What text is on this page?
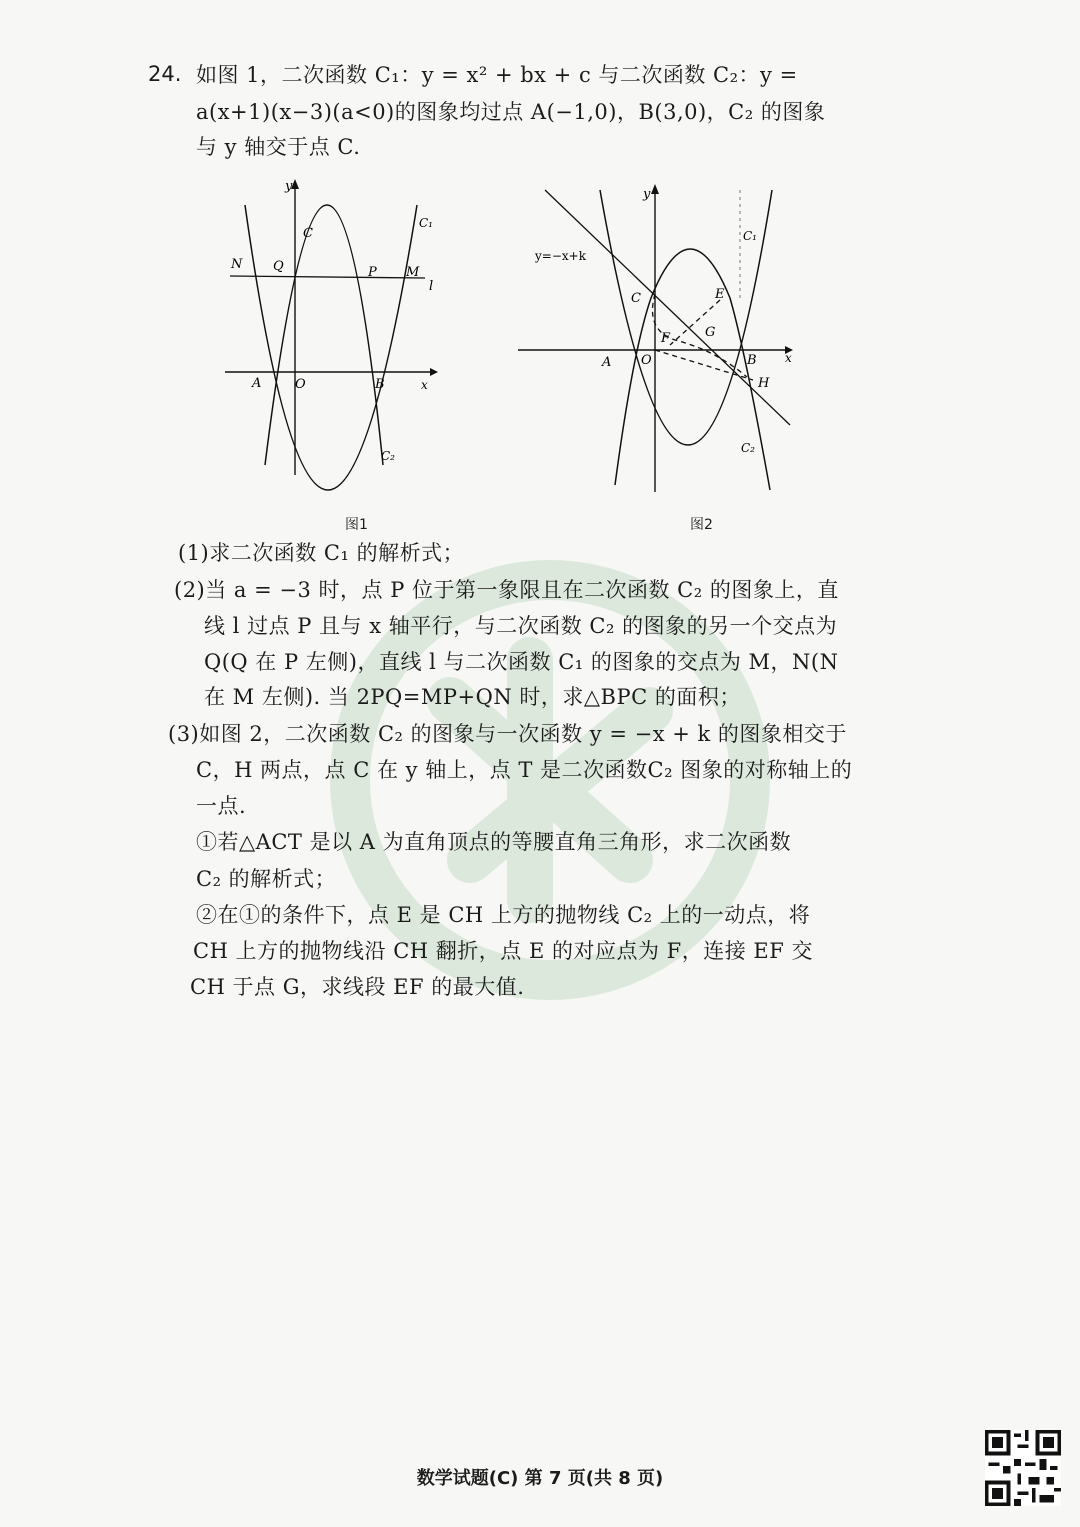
24. 如图 1，二次函数 C₁：y = x² + bx + c 与二次函数 C₂：y =
a(x+1)(x−3)(a<0)的图象均过点 A(−1,0)，B(3,0)，C₂ 的图象
与 y 轴交于点 C.
y
C
C₁
N Q	P M
l
A	O	B	x
C₂
图1
y
y=−x+k
C₁
C	E
F	G
A O	B x
H
C₂
图2
(1)求二次函数 C₁ 的解析式；
(2)当 a = −3 时，点 P 位于第一象限且在二次函数 C₂ 的图象上，直
线 l 过点 P 且与 x 轴平行，与二次函数 C₂ 的图象的另一个交点为
Q(Q 在 P 左侧)，直线 l 与二次函数 C₁ 的图象的交点为 M，N(N
在 M 左侧). 当 2PQ=MP+QN 时，求△BPC 的面积；
(3)如图 2，二次函数 C₂ 的图象与一次函数 y = −x + k 的图象相交于
C，H 两点，点 C 在 y 轴上，点 T 是二次函数C₂ 图象的对称轴上的
一点.
①若△ACT 是以 A 为直角顶点的等腰直角三角形，求二次函数
C₂ 的解析式；
②在①的条件下，点 E 是 CH 上方的抛物线 C₂ 上的一动点，将
CH 上方的抛物线沿 CH 翻折，点 E 的对应点为 F，连接 EF 交
CH 于点 G，求线段 EF 的最大值.
数学试题(C) 第 7 页(共 8 页)
